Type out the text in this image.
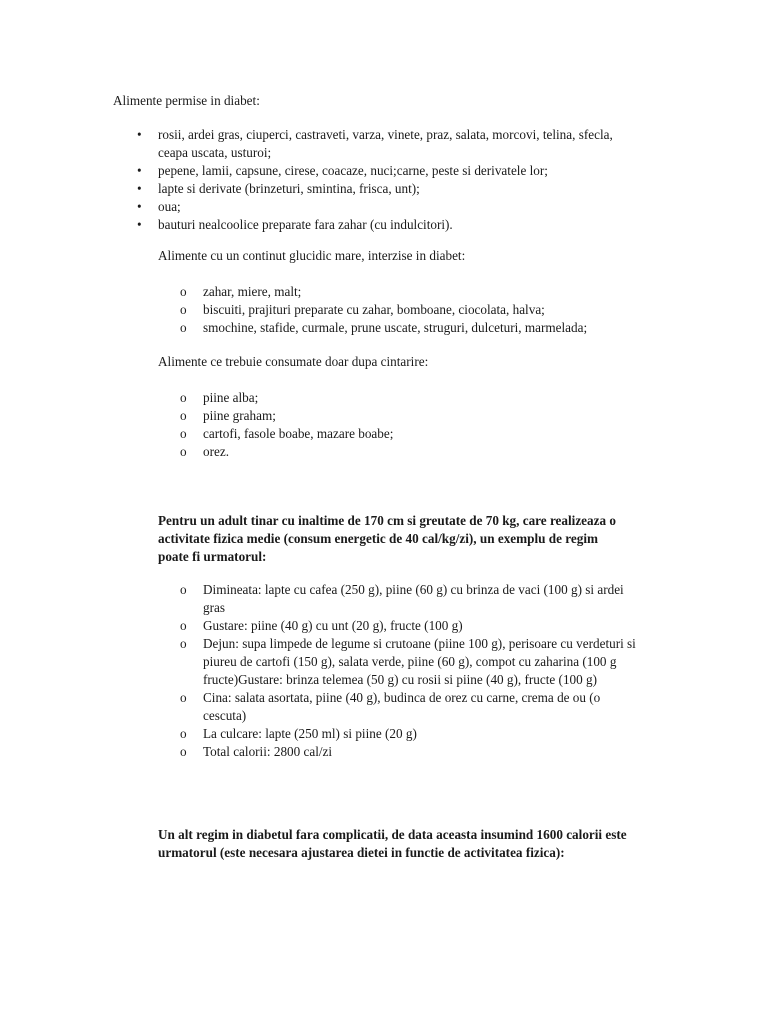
Alimente permise in diabet:

• rosii, ardei gras, ciuperci, castraveti, varza, vinete, praz, salata, morcovi, telina, sfecla, ceapa uscata, usturoi;
• pepene, lamii, capsune, cirese, coacaze, nuci;carne, peste si derivatele lor;
• lapte si derivate (brinzeturi, smintina, frisca, unt);
• oua;
• bauturi nealcoolice preparate fara zahar (cu indulcitori).

Alimente cu un continut glucidic mare, interzise in diabet:

o zahar, miere, malt;
o biscuiti, prajituri preparate cu zahar, bomboane, ciocolata, halva;
o smochine, stafide, curmale, prune uscate, struguri, dulceturi, marmelada;

Alimente ce trebuie consumate doar dupa cintarire:

o piine alba;
o piine graham;
o cartofi, fasole boabe, mazare boabe;
o orez.

Pentru un adult tinar cu inaltime de 170 cm si greutate de 70 kg, care realizeaza o activitate fizica medie (consum energetic de 40 cal/kg/zi), un exemplu de regim poate fi urmatorul:

o Dimineata: lapte cu cafea (250 g), piine (60 g) cu brinza de vaci (100 g) si ardei gras
o Gustare: piine (40 g) cu unt (20 g), fructe (100 g)
o Dejun: supa limpede de legume si crutoane (piine 100 g), perisoare cu verdeturi si piureu de cartofi (150 g), salata verde, piine (60 g), compot cu zaharina (100 g fructe)Gustare: brinza telemea (50 g) cu rosii si piine (40 g), fructe (100 g)
o Cina: salata asortata, piine (40 g), budinca de orez cu carne, crema de ou (o cescuta)
o La culcare: lapte (250 ml) si piine (20 g)
o Total calorii: 2800 cal/zi

Un alt regim in diabetul fara complicatii, de data aceasta insumind 1600 calorii este urmatorul (este necesara ajustarea dietei in functie de activitatea fizica):
